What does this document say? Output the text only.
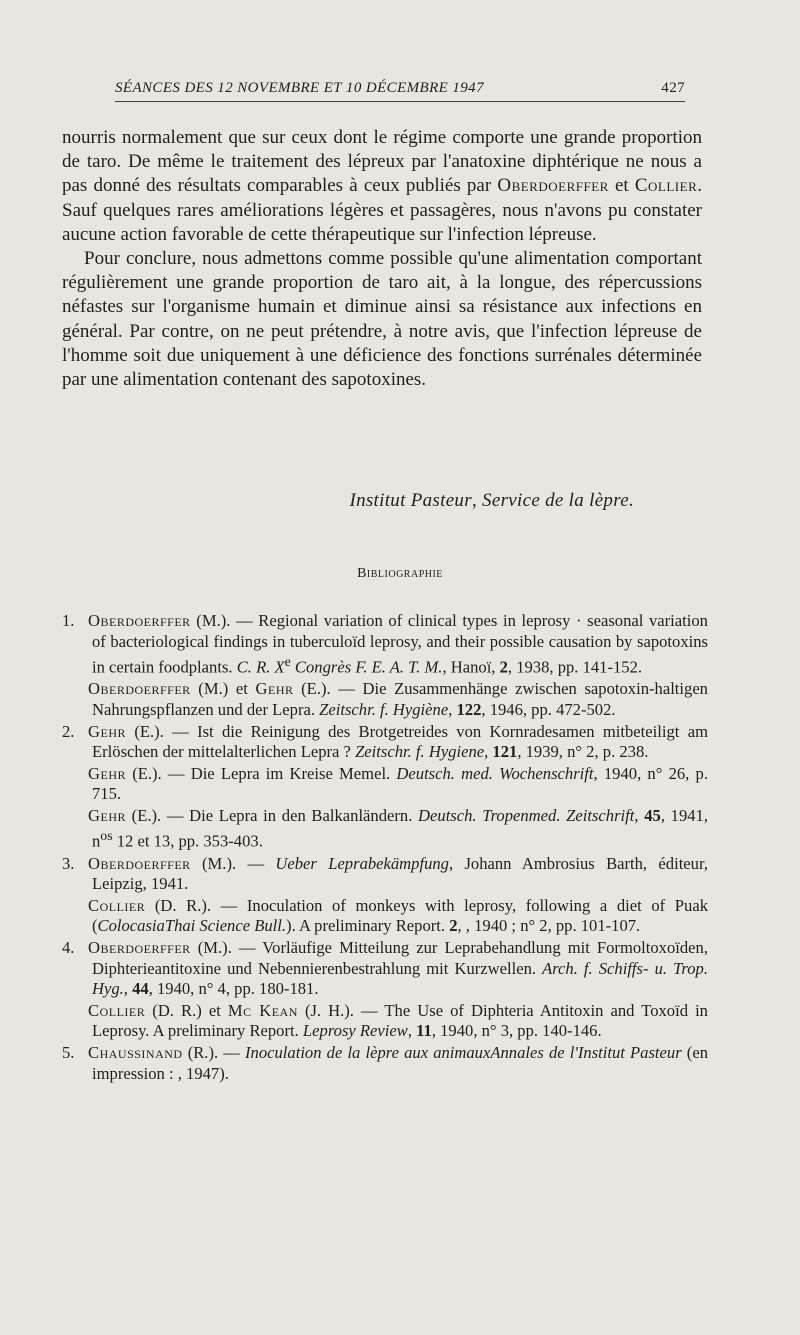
SÉANCES DES 12 NOVEMBRE ET 10 DÉCEMBRE 1947	427

nourris normalement que sur ceux dont le régime comporte une grande proportion de taro. De même le traitement des lépreux par l'anatoxine diphtérique ne nous a pas donné des résultats comparables à ceux publiés par Oberdoerffer et Collier. Sauf quelques rares améliorations légères et passagères, nous n'avons pu constater aucune action favorable de cette thérapeutique sur l'infection lépreuse.

Pour conclure, nous admettons comme possible qu'une alimentation comportant régulièrement une grande proportion de taro ait, à la longue, des répercussions néfastes sur l'organisme humain et diminue ainsi sa résistance aux infections en général. Par contre, on ne peut prétendre, à notre avis, que l'infection lépreuse de l'homme soit due uniquement à une déficience des fonctions surrénales déterminée par une alimentation contenant des sapotoxines.

Institut Pasteur, Service de la lèpre.
Bibliographie

1. Oberdoerffer (M.). — Regional variation of clinical types in leprosy · seasonal variation of bacteriological findings in tuberculoïd leprosy, and their possible causation by sapotoxins in certain foodplants. C. R. Xe Congrès F. E. A. T. M., Hanoï, 2, 1938, pp. 141-152.

Oberdoerffer (M.) et Gehr (E.). — Die Zusammenhänge zwischen sapotoxin-haltigen Nahrungspflanzen und der Lepra. Zeitschr. f. Hygiène, 122, 1946, pp. 472-502.

2. Gehr (E.). — Ist die Reinigung des Brotgetreides von Kornradesamen mitbeteiligt am Erlöschen der mittelalterlichen Lepra ? Zeitschr. f. Hygiene, 121, 1939, n° 2, p. 238.

Gehr (E.). — Die Lepra im Kreise Memel. Deutsch. med. Wochenschrift, 1940, n° 26, p. 715.

Gehr (E.). — Die Lepra in den Balkanländern. Deutsch. Tropenmed. Zeitschrift, 45, 1941, $n^{os}$ 12 et 13, pp. 353-403.

3. Oberdoerffer (M.). — Ueber Leprabekämpfung, Johann Ambrosius Barth, éditeur, Leipzig, 1941.

Collier (D. R.). — Inoculation of monkeys with leprosy, following a diet of Puak (ColocasiaThai Science Bull.). A preliminary Report. 2, , 1940 ; n° 2, pp. 101-107.

4. Oberdoerffer (M.). — Vorläufige Mitteilung zur Leprabehandlung mit Formoltoxoïden, Diphterieantitoxine und Nebennierenbestrahlung mit Kurzwellen. Arch. f. Schiffs- u. Trop. Hyg., 44, 1940, n° 4, pp. 180-181.

Collier (D. R.) et Mc Kean (J. H.). — The Use of Diphteria Antitoxin and Toxoïd in Leprosy. A preliminary Report. Leprosy Review, 11, 1940, n° 3, pp. 140-146.

5. Chaussinand (R.). — Inoculation de la lèpre aux animauxAnnales de l'Institut Pasteur (en impression : , 1947).
